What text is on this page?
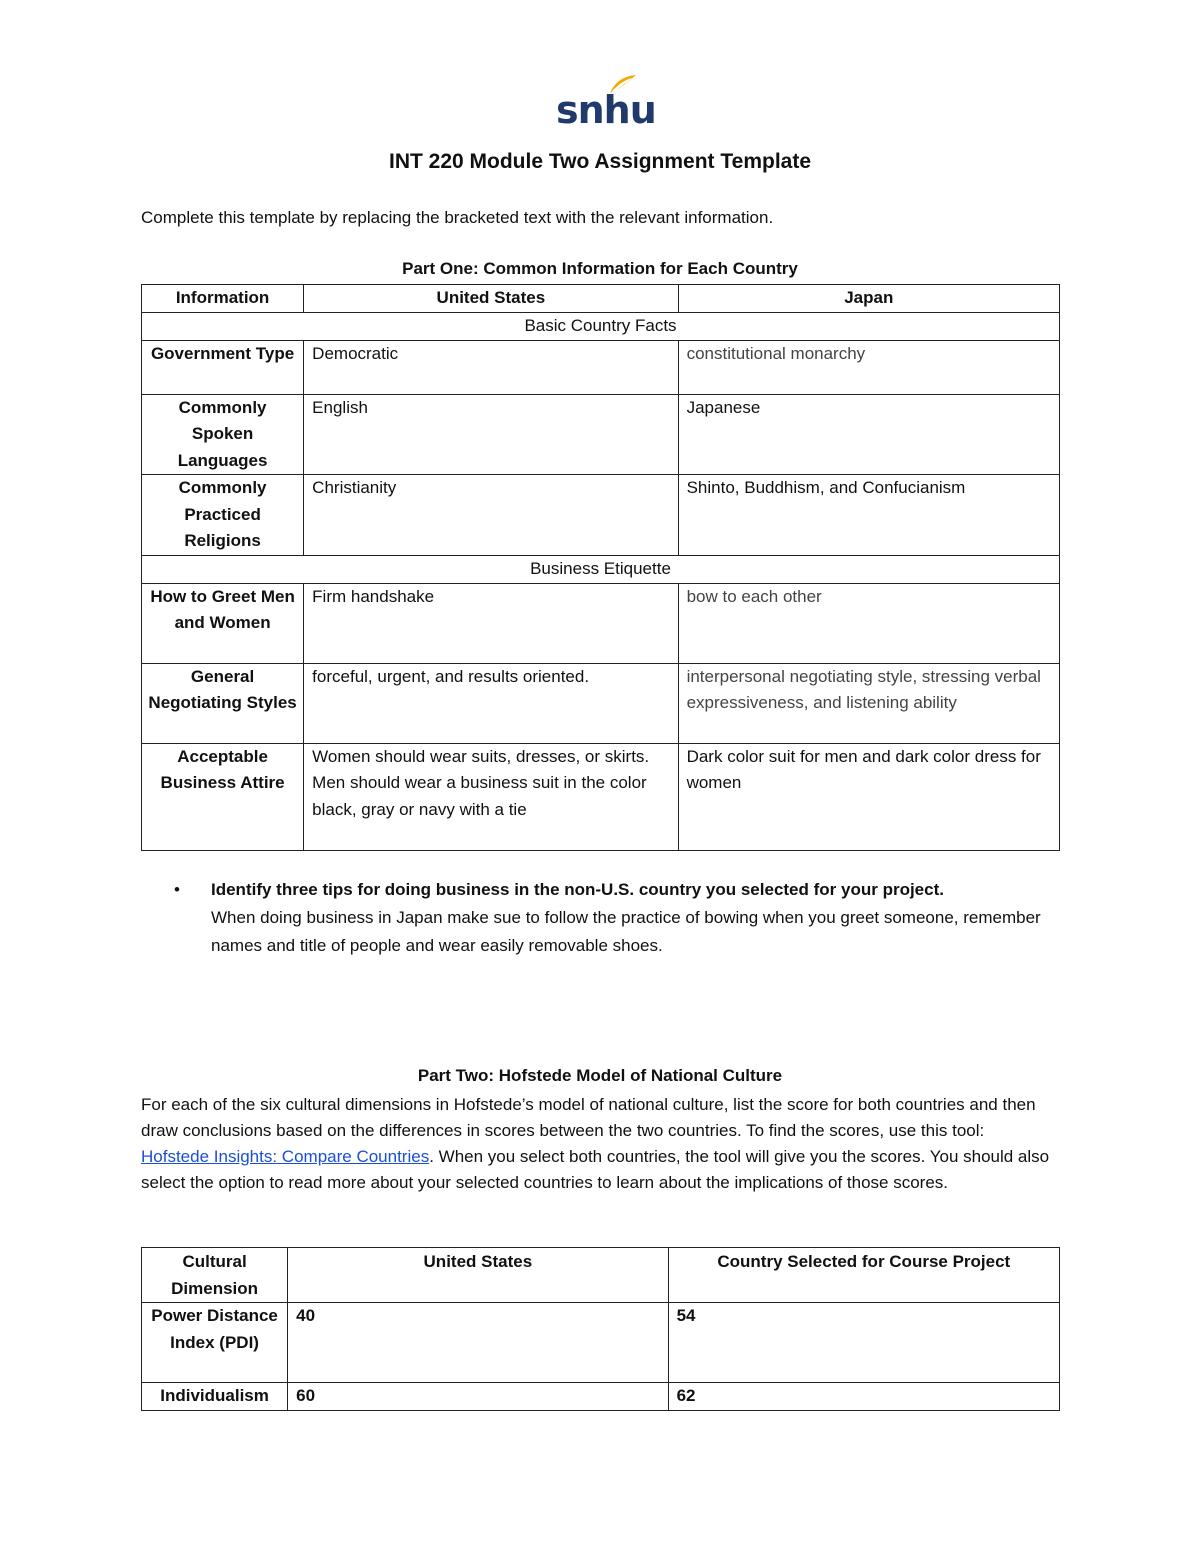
snhu
INT 220 Module Two Assignment Template
Complete this template by replacing the bracketed text with the relevant information.
Part One: Common Information for Each Country
Information	United States	Japan
Basic Country Facts		
Government Type	Democratic	constitutional monarchy
Commonly Spoken Languages	English	Japanese
Commonly Practiced Religions	Christianity	Shinto, Buddhism, and Confucianism
Business Etiquette		
How to Greet Men and Women	Firm handshake	bow to each other
General Negotiating Styles	forceful, urgent, and results oriented.	interpersonal negotiating style, stressing verbal expressiveness, and listening ability
Acceptable Business Attire	Women should wear suits, dresses, or skirts. Men should wear a business suit in the color black, gray or navy with a tie	Dark color suit for men and dark color dress for women
• Identify three tips for doing business in the non-U.S. country you selected for your project.
When doing business in Japan make sue to follow the practice of bowing when you greet someone, remember names and title of people and wear easily removable shoes.
Part Two: Hofstede Model of National Culture
For each of the six cultural dimensions in Hofstede’s model of national culture, list the score for both countries and then draw conclusions based on the differences in scores between the two countries. To find the scores, use this tool: Hofstede Insights: Compare Countries. When you select both countries, the tool will give you the scores. You should also select the option to read more about your selected countries to learn about the implications of those scores.
Cultural Dimension	United States	Country Selected for Course Project
Power Distance Index (PDI)	40	54
Individualism	60	62
